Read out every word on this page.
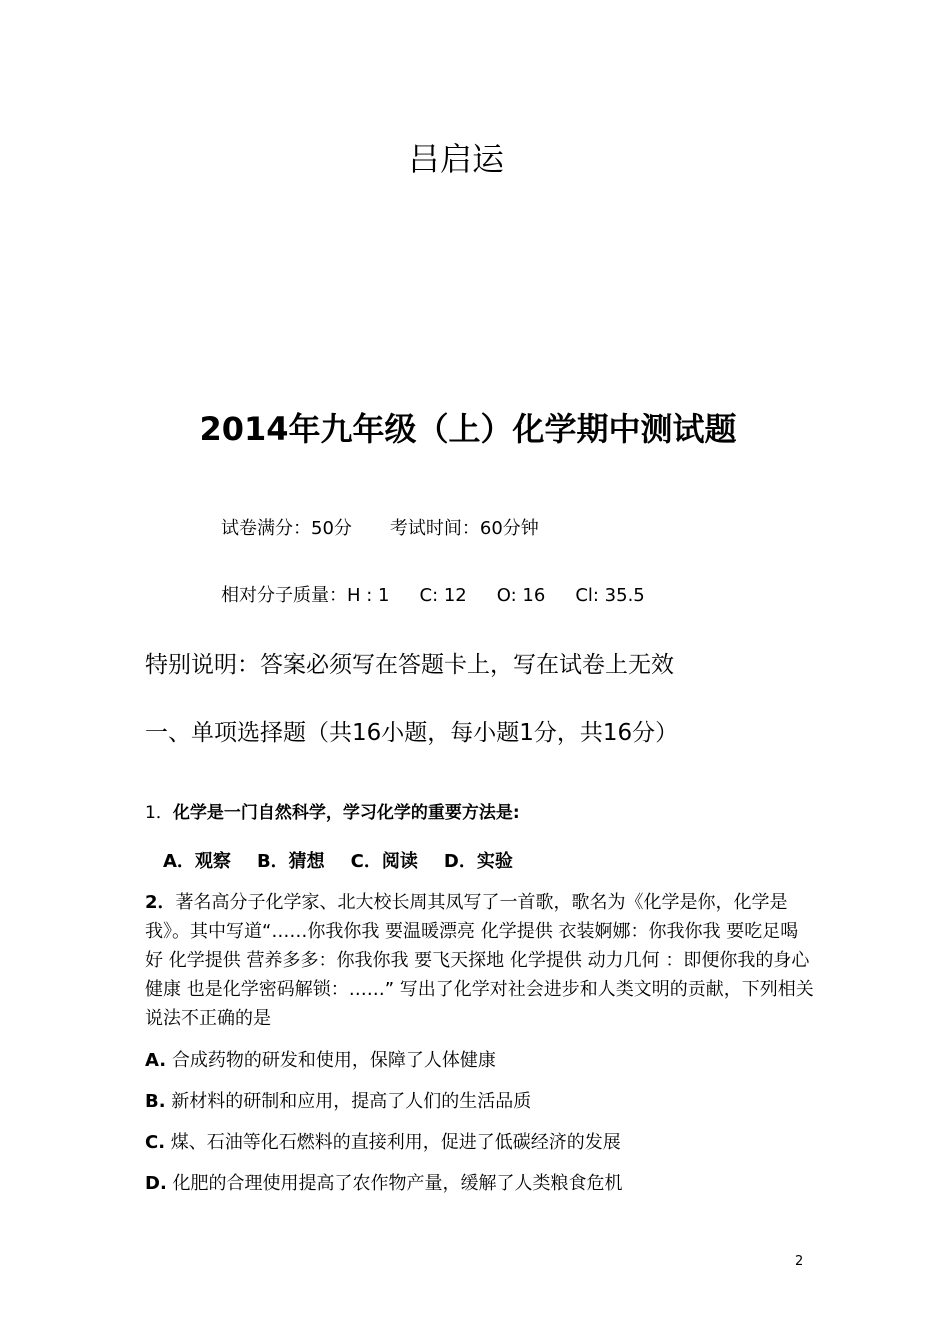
吕启运
2014年九年级（上）化学期中测试题
试卷满分：50分 考试时间：60分钟
相对分子质量：H : 1 C: 12 O: 16 Cl: 35.5
特别说明：答案必须写在答题卡上，写在试卷上无效
一、单项选择题（共16小题，每小题1分，共16分）
1．化学是一门自然科学，学习化学的重要方法是:
A．观察 B．猜想 C．阅读 D．实验
2．著名高分子化学家、北大校长周其凤写了一首歌，歌名为《化学是你，化学是我》。其中写道“……你我你我 要温暖漂亮 化学提供 衣装婀娜：你我你我 要吃足喝好 化学提供 营养多多：你我你我 要飞天探地 化学提供 动力几何 ：即便你我的身心健康 也是化学密码解锁：……” 写出了化学对社会进步和人类文明的贡献，下列相关说法不正确的是
A. 合成药物的研发和使用，保障了人体健康
B. 新材料的研制和应用，提高了人们的生活品质
C. 煤、石油等化石燃料的直接利用，促进了低碳经济的发展
D. 化肥的合理使用提高了农作物产量，缓解了人类粮食危机
2
